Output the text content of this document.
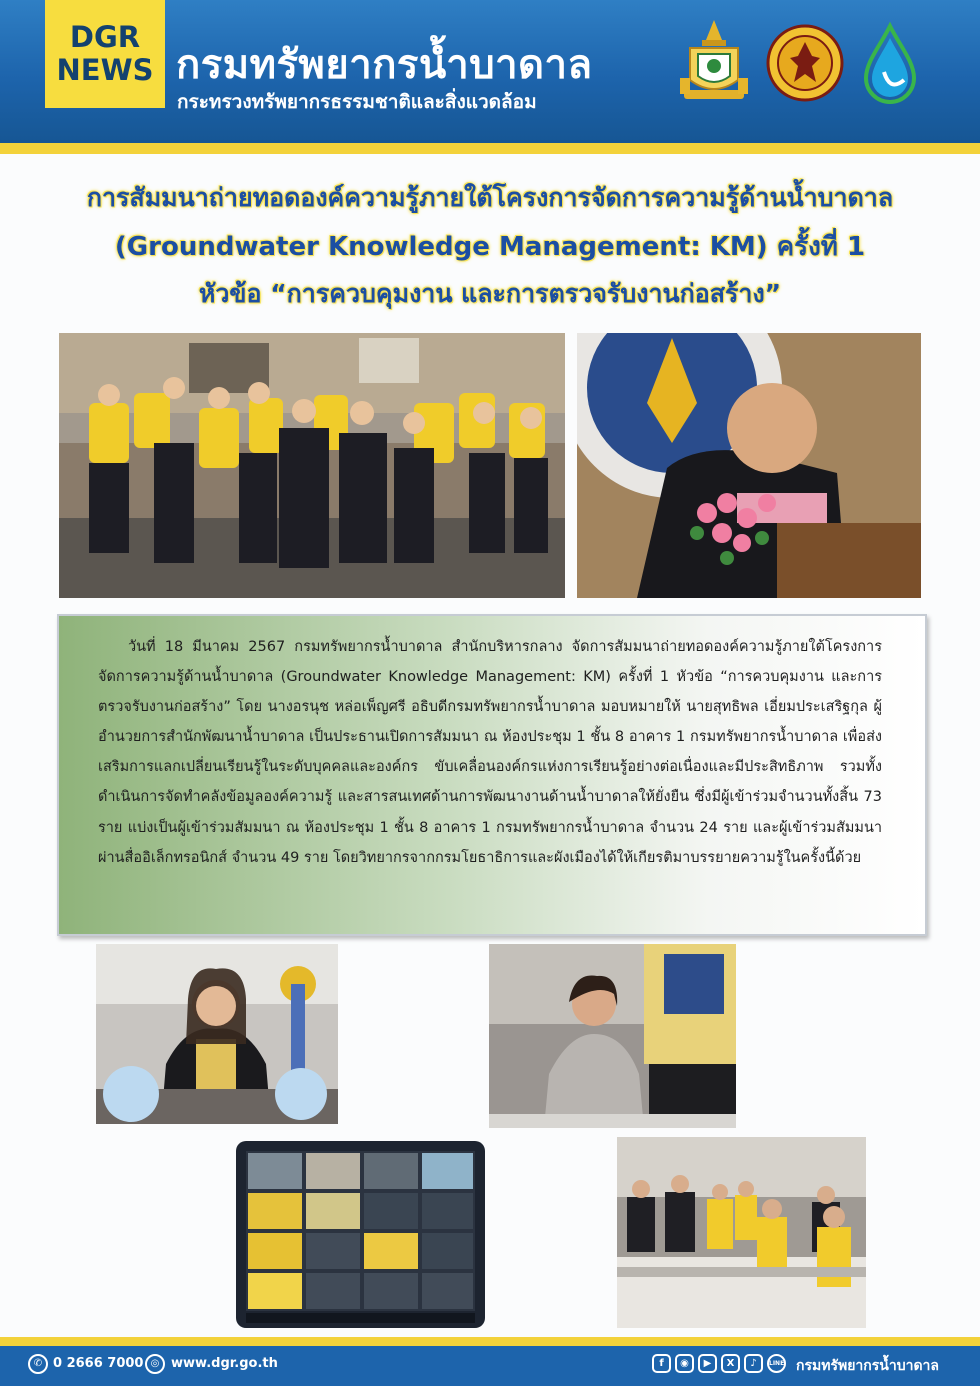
DGR
NEWS กรมทรัพยากรน้ำบาดาล
กระทรวงทรัพยากรธรรมชาติและสิ่งแวดล้อม
การสัมมนาถ่ายทอดองค์ความรู้ภายใต้โครงการจัดการความรู้ด้านน้ำบาดาล
(Groundwater Knowledge Management: KM) ครั้งที่ 1
หัวข้อ “การควบคุมงาน และการตรวจรับงานก่อสร้าง”

วันที่ 18 มีนาคม 2567 กรมทรัพยากรน้ำบาดาล สำนักบริหารกลาง จัดการสัมมนาถ่ายทอดองค์ความรู้ภายใต้โครงการจัดการความรู้ด้านน้ำบาดาล (Groundwater Knowledge Management: KM) ครั้งที่ 1 หัวข้อ “การควบคุมงาน และการตรวจรับงานก่อสร้าง” โดย นางอรนุช หล่อเพ็ญศรี อธิบดีกรมทรัพยากรน้ำบาดาล มอบหมายให้ นายสุทธิพล เอี่ยมประเสริฐกุล ผู้อำนวยการสำนักพัฒนาน้ำบาดาล เป็นประธานเปิดการสัมมนา ณ ห้องประชุม 1 ชั้น 8 อาคาร 1 กรมทรัพยากรน้ำบาดาล เพื่อส่งเสริมการแลกเปลี่ยนเรียนรู้ในระดับบุคคลและองค์กร ขับเคลื่อนองค์กรแห่งการเรียนรู้อย่างต่อเนื่องและมีประสิทธิภาพ รวมทั้งดำเนินการจัดทำคลังข้อมูลองค์ความรู้ และสารสนเทศด้านการพัฒนางานด้านน้ำบาดาลให้ยั่งยืน ซึ่งมีผู้เข้าร่วมจำนวนทั้งสิ้น 73 ราย แบ่งเป็นผู้เข้าร่วมสัมมนา ณ ห้องประชุม 1 ชั้น 8 อาคาร 1 กรมทรัพยากรน้ำบาดาล จำนวน 24 ราย และผู้เข้าร่วมสัมมนาผ่านสื่ออิเล็กทรอนิกส์ จำนวน 49 ราย โดยวิทยากรจากกรมโยธาธิการและผังเมืองได้ให้เกียรติมาบรรยายความรู้ในครั้งนี้ด้วย

✆ 0 2666 7000 ◎ www.dgr.go.th	f	◉	▶	X	♪	LINE กรมทรัพยากรน้ำบาดาล
